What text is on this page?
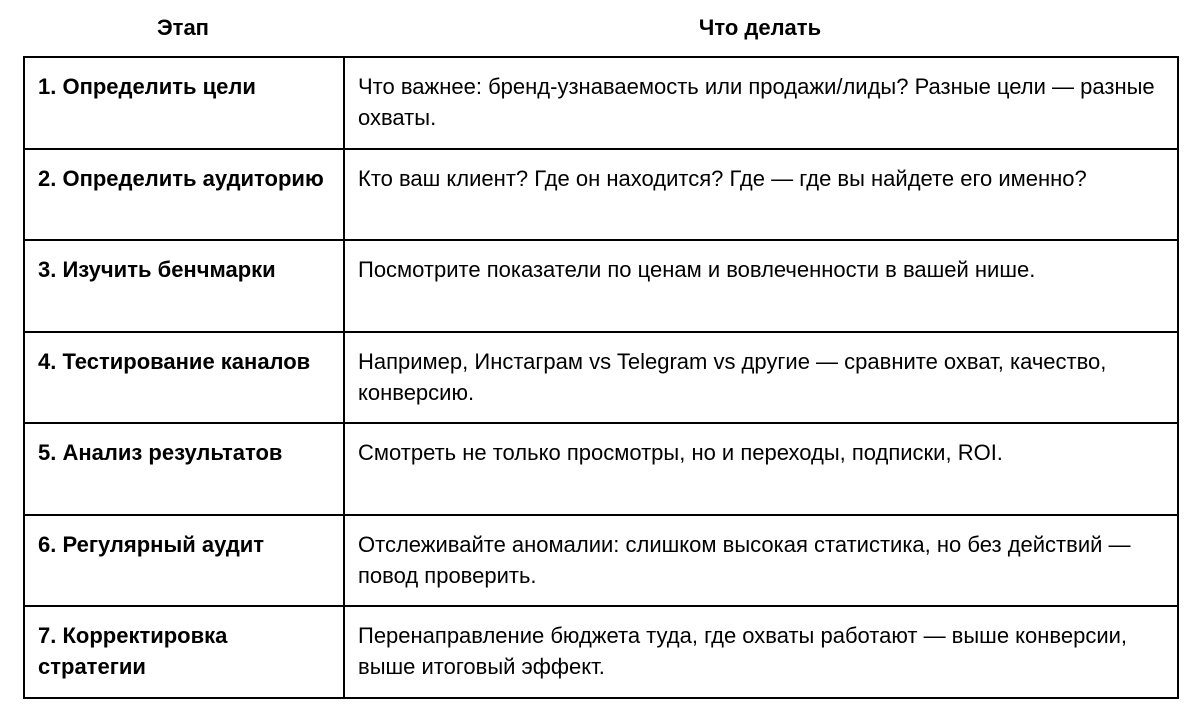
Этап	Что делать
1. Определить цели	Что важнее: бренд-узнаваемость или продажи/лиды? Разные цели — разные охваты.
2. Определить аудиторию	Кто ваш клиент? Где он находится? Где — где вы найдете его именно?
3. Изучить бенчмарки	Посмотрите показатели по ценам и вовлеченности в вашей нише.
4. Тестирование каналов	Например, Инстаграм vs Telegram vs другие — сравните охват, качество, конверсию.
5. Анализ результатов	Смотреть не только просмотры, но и переходы, подписки, ROI.
6. Регулярный аудит	Отслеживайте аномалии: слишком высокая статистика, но без действий — повод проверить.
7. Корректировка стратегии	Перенаправление бюджета туда, где охваты работают — выше конверсии, выше итоговый эффект.
